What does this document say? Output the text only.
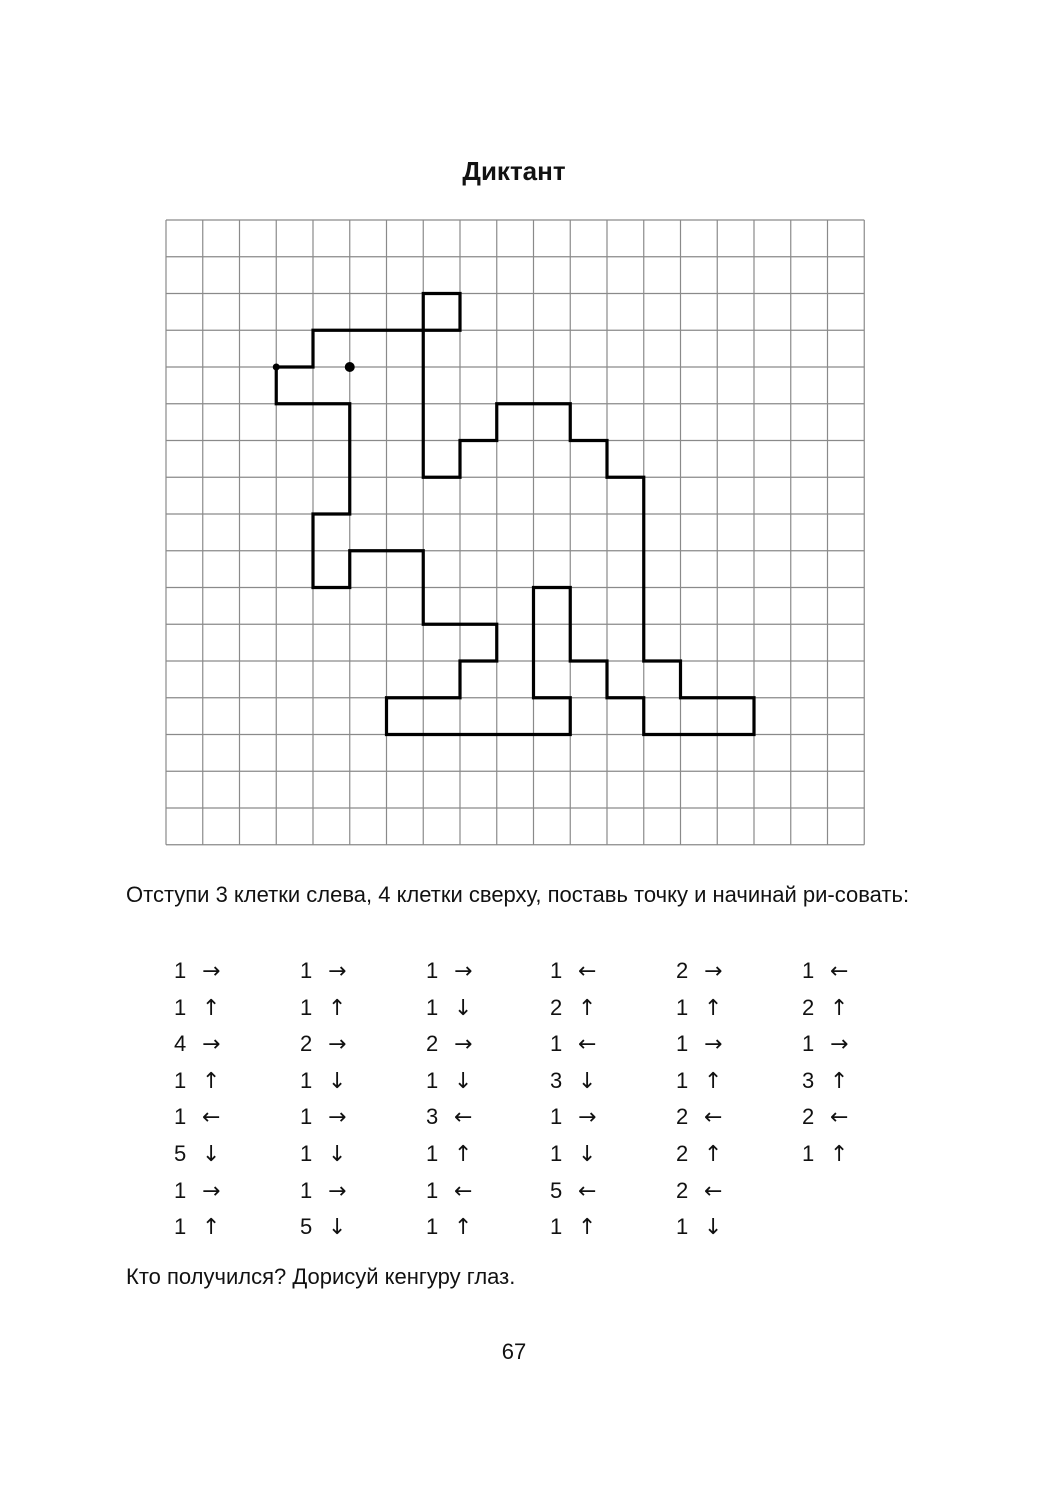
Диктант

Отступи 3 клетки слева, 4 клетки сверху, поставь точку и начинай ри-совать:

1 →
1 ↑
4 →
1 ↑
1 ←
5 ↓
1 →
1 ↑
1 →
1 ↑
2 →
1 ↓
1 →
1 ↓
1 →
5 ↓
1 →
1 ↓
2 →
1 ↓
3 ←
1 ↑
1 ←
1 ↑
1 ←
2 ↑
1 ←
3 ↓
1 →
1 ↓
5 ←
1 ↑
2 →
1 ↑
1 →
1 ↑
2 ←
2 ↑
2 ←
1 ↓
1 ←
2 ↑
1 →
3 ↑
2 ←
1 ↑

Кто получился? Дорисуй кенгуру глаз.

67
